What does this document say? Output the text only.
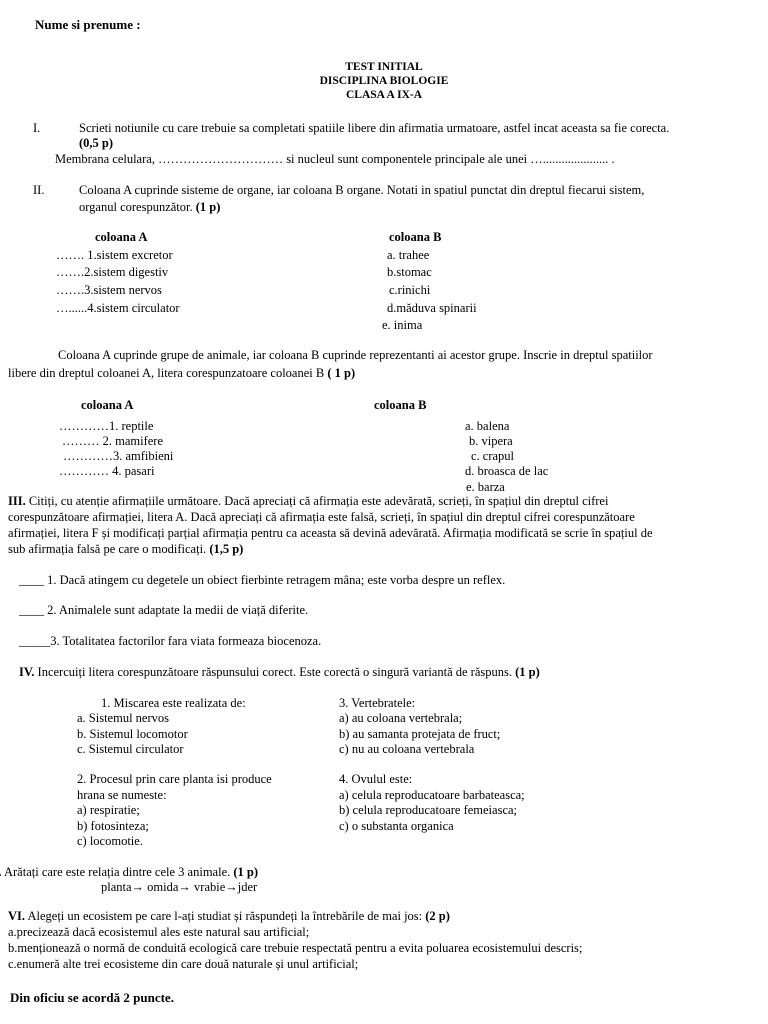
Nume si prenume :
TEST INITIAL
DISCIPLINA BIOLOGIE
CLASA A IX-A
I.	Scrieti notiunile cu care trebuie sa completati spatiile libere din afirmatia urmatoare, astfel incat aceasta sa fie corecta.
(0,5 p)
Membrana celulara, ………………………… si nucleul sunt componentele principale ale unei …..................... .
II.	Coloana A cuprinde sisteme de organe, iar coloana B organe. Notati in spatiul punctat din dreptul fiecarui sistem,
organul corespunzător. (1 p)
coloana A	coloana B
……. 1.sistem excretor
…….2.sistem digestiv
…….3.sistem nervos
…......4.sistem circulator
a. trahee
b.stomac
c.rinichi
d.măduva spinarii
e. inima
Coloana A cuprinde grupe de animale, iar coloana B cuprinde reprezentanti ai acestor grupe. Inscrie in dreptul spatiilor
libere din dreptul coloanei A, litera corespunzatoare coloanei B ( 1 p)
coloana A	coloana B
…………1. reptile
……… 2. mamifere
…………3. amfibieni
………… 4. pasari
a. balena
b. vipera
c. crapul
d. broasca de lac
e. barza
III. Citiți, cu atenție afirmațiile următoare. Dacă apreciați că afirmația este adevărată, scrieți, în spațiul din dreptul cifrei
corespunzătoare afirmației, litera A. Dacă apreciați că afirmația este falsă, scrieți, în spațiul din dreptul cifrei corespunzătoare
afirmației, litera F și modificați parțial afirmația pentru ca aceasta să devină adevărată. Afirmația modificată se scrie în spațiul de
sub afirmația falsă pe care o modificați. (1,5 p)
____ 1. Dacă atingem cu degetele un obiect fierbinte retragem mâna; este vorba despre un reflex.
____ 2. Animalele sunt adaptate la medii de viață diferite.
_____3. Totalitatea factorilor fara viata formeaza biocenoza.
IV. Incercuiți litera corespunzătoare răspunsului corect. Este corectă o singură variantă de răspuns. (1 p)
1. Miscarea este realizata de:
a. Sistemul nervos
b. Sistemul locomotor
c. Sistemul circulator
2. Procesul prin care planta isi produce
hrana se numeste:
a) respiratie;
b) fotosinteza;
c) locomotie.
3. Vertebratele:
a) au coloana vertebrala;
b) au samanta protejata de fruct;
c) nu au coloana vertebrala
4. Ovulul este:
a) celula reproducatoare barbateasca;
b) celula reproducatoare femeiasca;
c) o substanta organica
Arătați care este relația dintre cele 3 animale. (1 p)
planta→ omida→ vrabie→jder
VI. Alegeți un ecosistem pe care l-ați studiat și răspundeți la întrebările de mai jos: (2 p)
a.precizează dacă ecosistemul ales este natural sau artificial;
b.menționează o normă de conduită ecologică care trebuie respectată pentru a evita poluarea ecosistemului descris;
c.enumeră alte trei ecosisteme din care două naturale și unul artificial;
Din oficiu se acordă 2 puncte.
